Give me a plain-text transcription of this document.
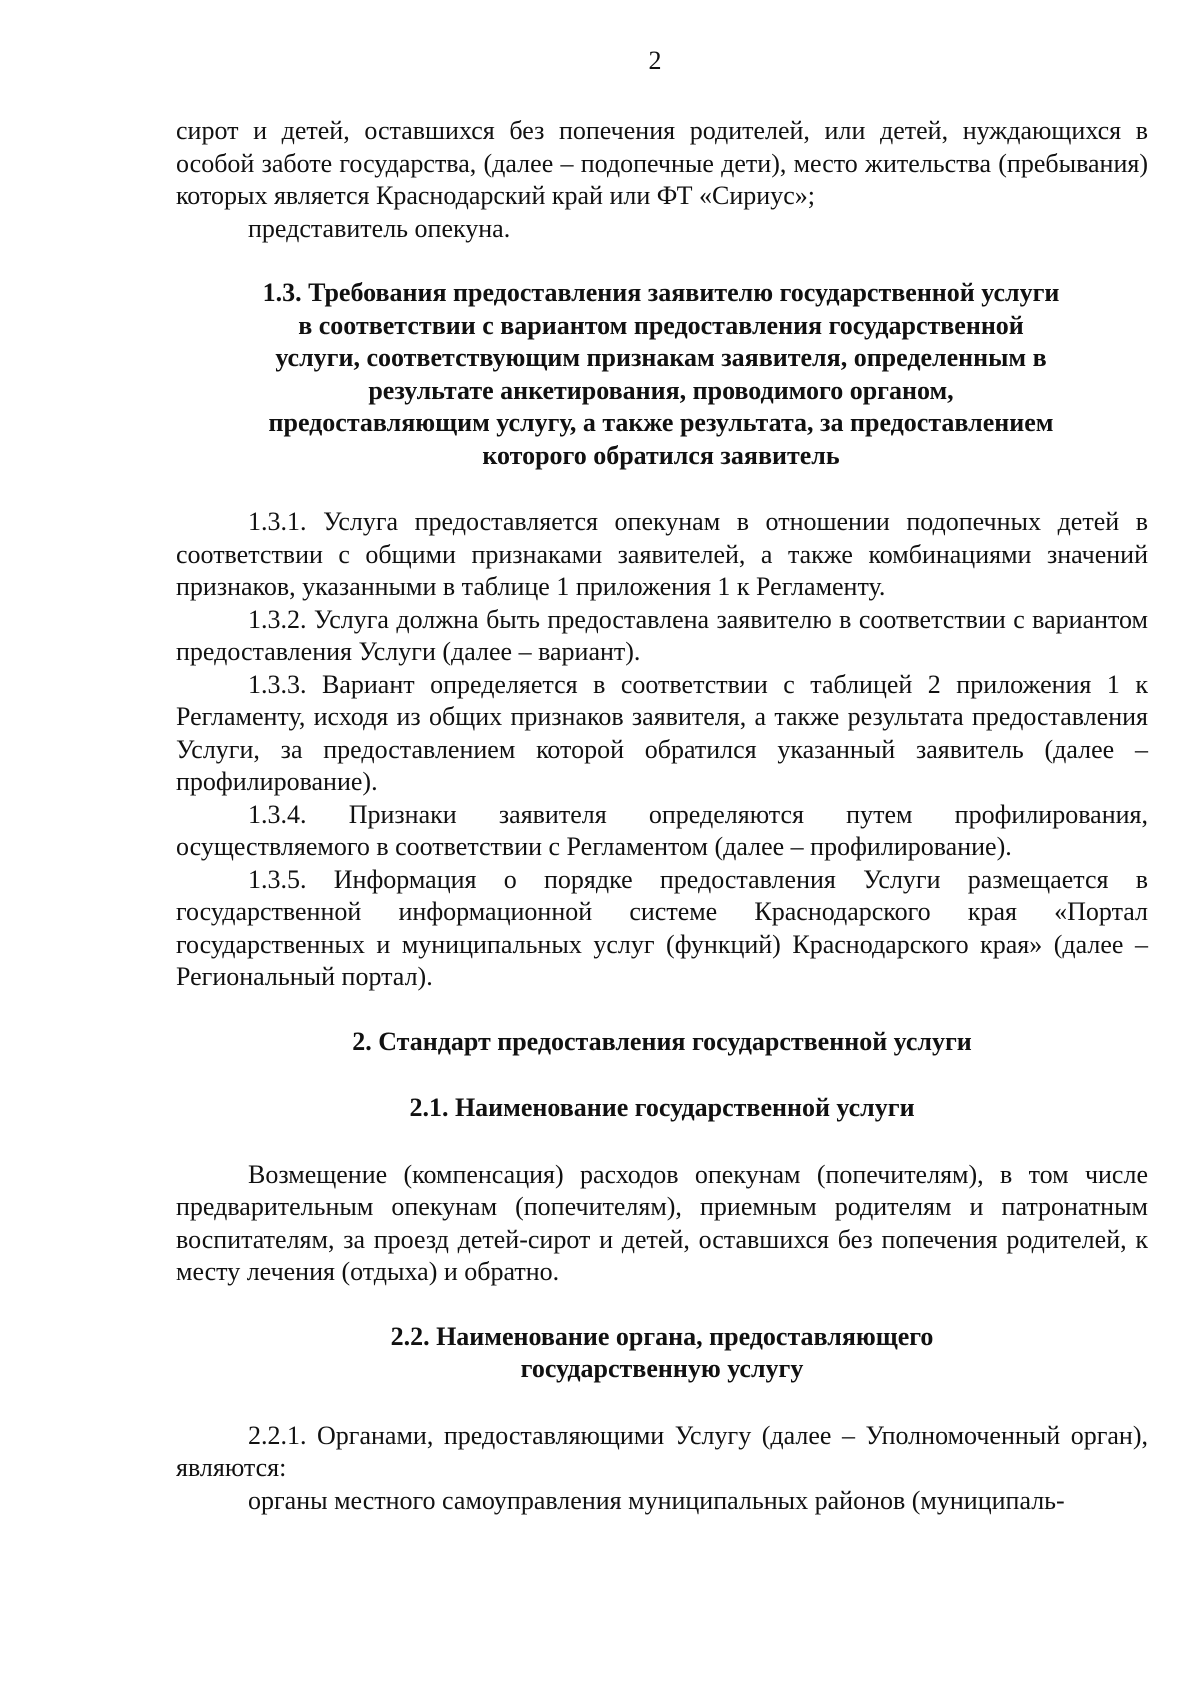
2

сирот и детей, оставшихся без попечения родителей, или детей, нуждающихся в особой заботе государства, (далее – подопечные дети), место жительства (пребывания) которых является Краснодарский край или ФТ «Сириус»;

представитель опекуна.

1.3. Требования предоставления заявителю государственной услуги в соответствии с вариантом предоставления государственной услуги, соответствующим признакам заявителя, определенным в результате анкетирования, проводимого органом, предоставляющим услугу, а также результата, за предоставлением которого обратился заявитель

1.3.1. Услуга предоставляется опекунам в отношении подопечных детей в соответствии с общими признаками заявителей, а также комбинациями значений признаков, указанными в таблице 1 приложения 1 к Регламенту.

1.3.2. Услуга должна быть предоставлена заявителю в соответствии с вариантом предоставления Услуги (далее – вариант).

1.3.3. Вариант определяется в соответствии с таблицей 2 приложения 1 к Регламенту, исходя из общих признаков заявителя, а также результата предоставления Услуги, за предоставлением которой обратился указанный заявитель (далее – профилирование).

1.3.4. Признаки заявителя определяются путем профилирования, осуществляемого в соответствии с Регламентом (далее – профилирование).

1.3.5. Информация о порядке предоставления Услуги размещается в государственной информационной системе Краснодарского края «Портал государственных и муниципальных услуг (функций) Краснодарского края» (далее – Региональный портал).

2. Стандарт предоставления государственной услуги

2.1. Наименование государственной услуги

Возмещение (компенсация) расходов опекунам (попечителям), в том числе предварительным опекунам (попечителям), приемным родителям и патронатным воспитателям, за проезд детей-сирот и детей, оставшихся без попечения родителей, к месту лечения (отдыха) и обратно.

2.2. Наименование органа, предоставляющего государственную услугу

2.2.1. Органами, предоставляющими Услугу (далее – Уполномоченный орган), являются:

органы местного самоуправления муниципальных районов (муниципаль-
